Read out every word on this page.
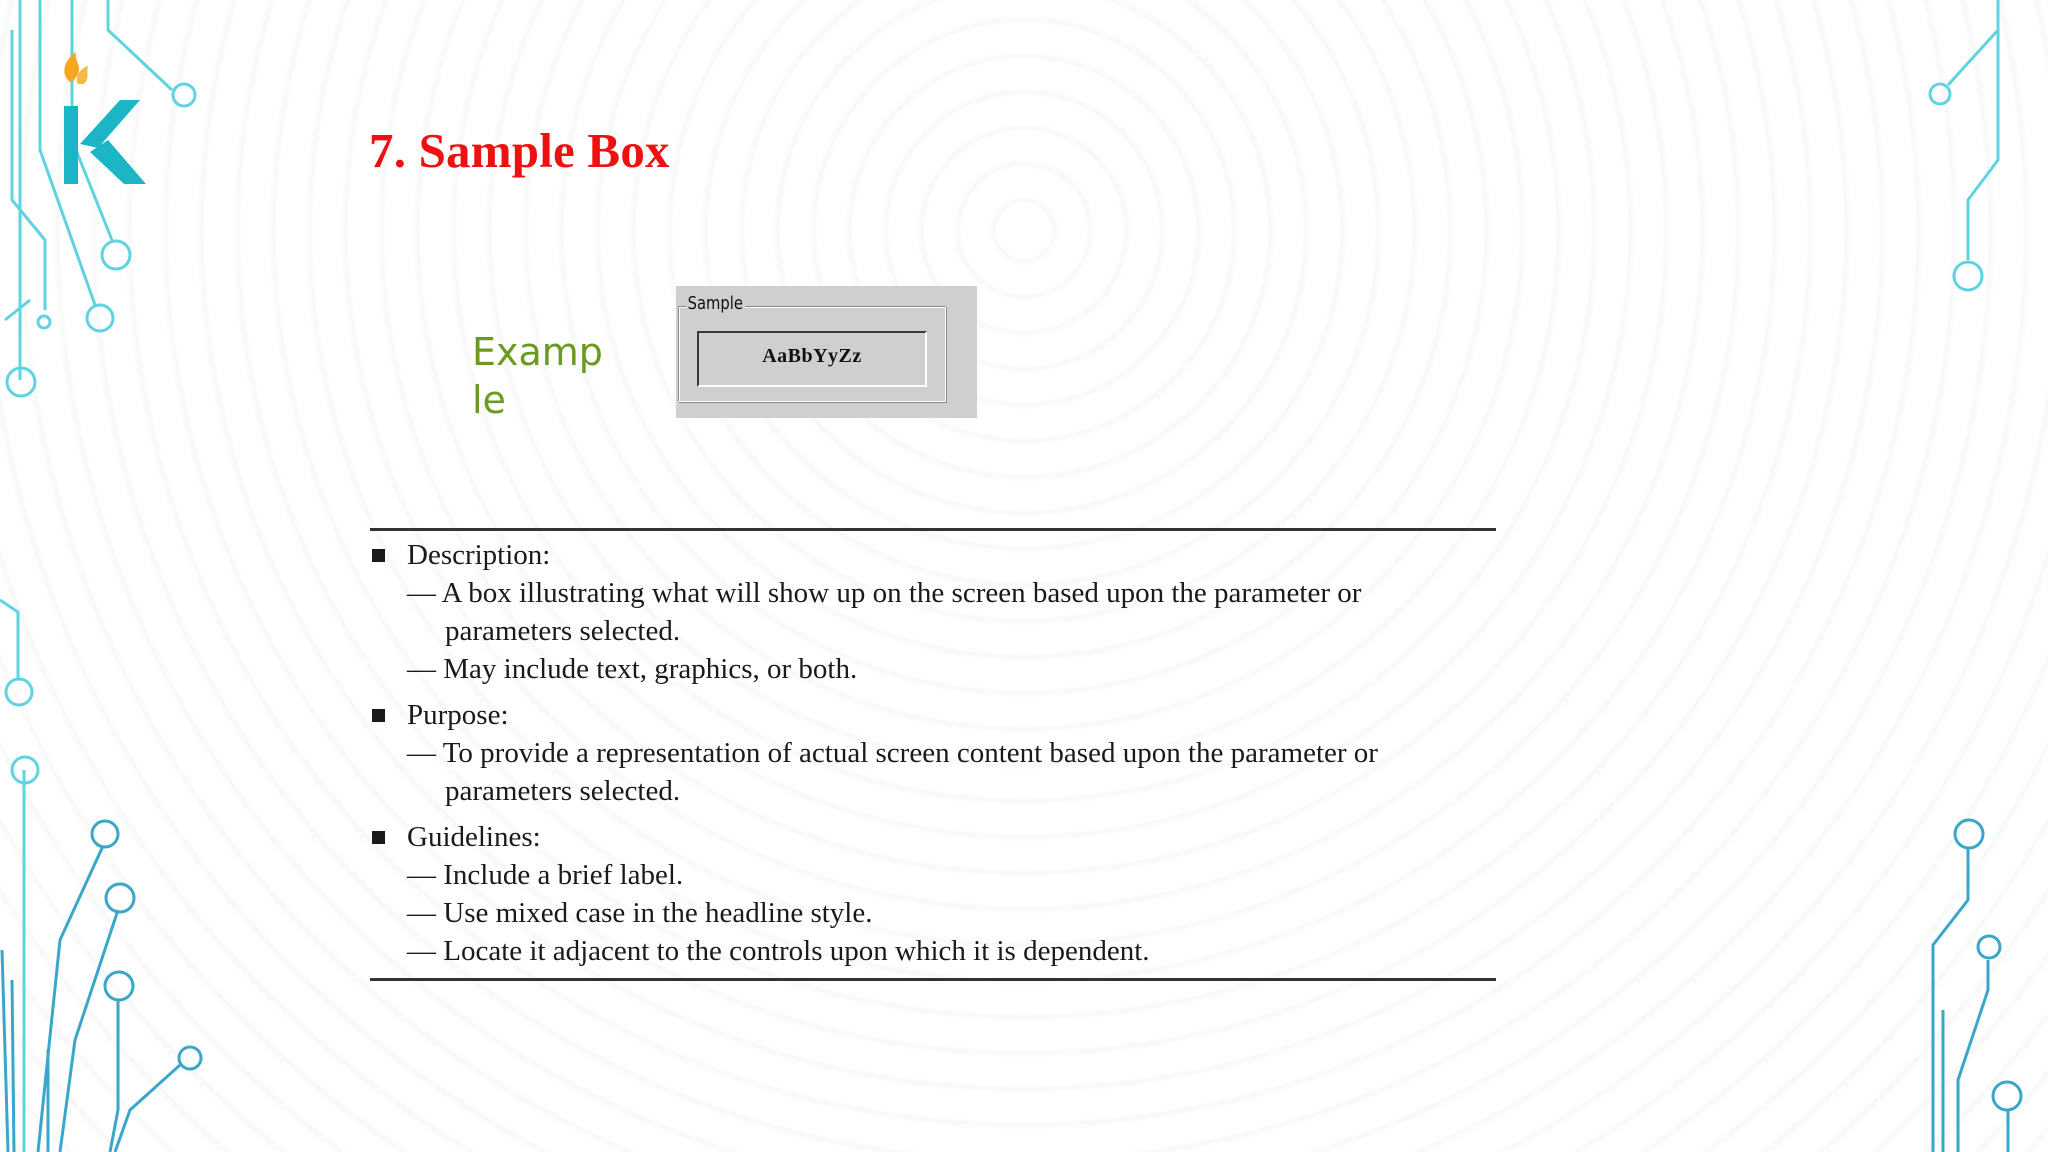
7. Sample Box
Example
Sample
AaBbYyZz
Description:
— A box illustrating what will show up on the screen based upon the parameter or
parameters selected.
— May include text, graphics, or both.
Purpose:
— To provide a representation of actual screen content based upon the parameter or
parameters selected.
Guidelines:
— Include a brief label.
— Use mixed case in the headline style.
— Locate it adjacent to the controls upon which it is dependent.
